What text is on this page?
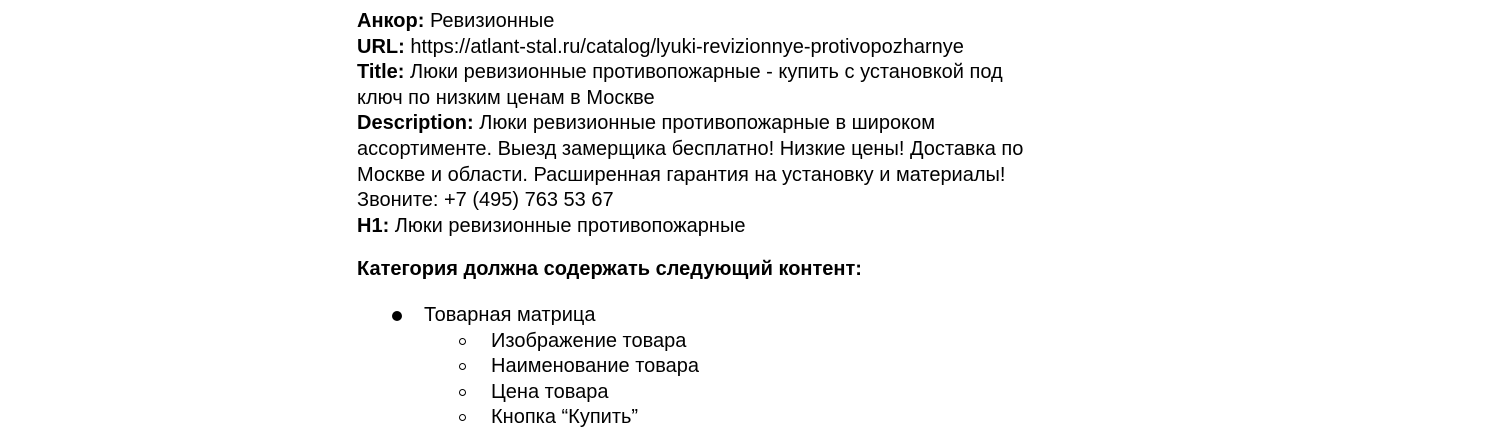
Анкор: Ревизионные
URL: https://atlant-stal.ru/catalog/lyuki-revizionnye-protivopozharnye
Title: Люки ревизионные противопожарные - купить с установкой под
ключ по низким ценам в Москве
Description: Люки ревизионные противопожарные в широком
ассортименте. Выезд замерщика бесплатно! Низкие цены! Доставка по
Москве и области. Расширенная гарантия на установку и материалы!
Звоните: +7 (495) 763 53 67
H1: Люки ревизионные противопожарные
Категория должна содержать следующий контент:
Товарная матрица
Изображение товара
Наименование товара
Цена товара
Кнопка “Купить”
